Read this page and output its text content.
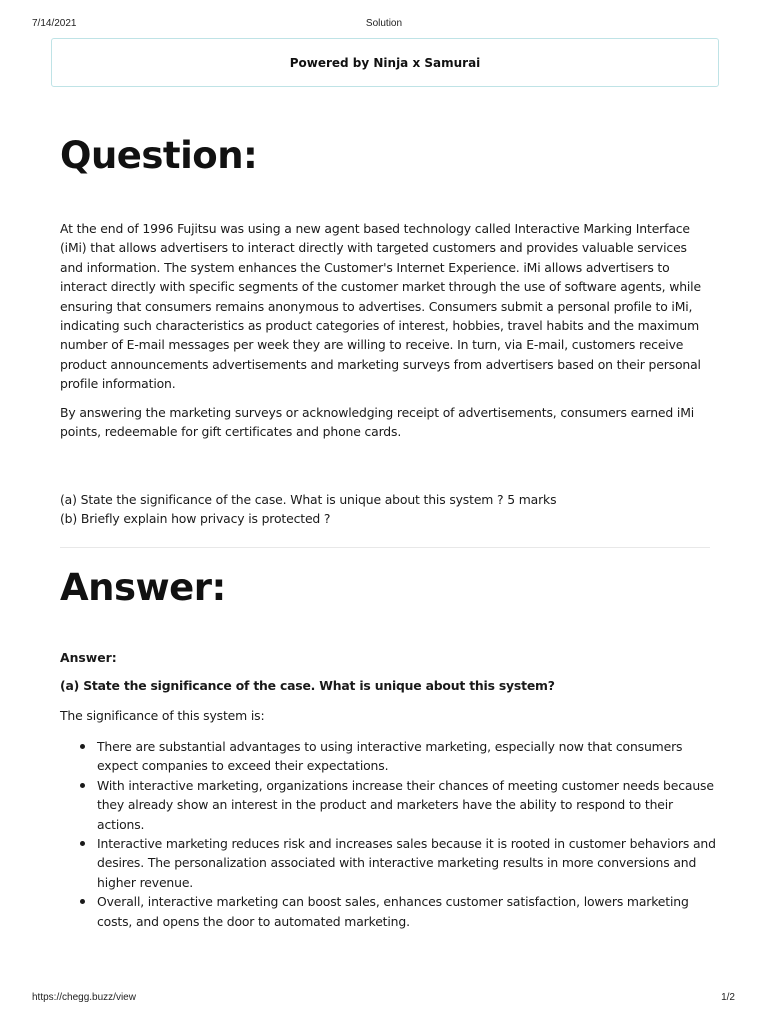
7/14/2021	Solution
Powered by Ninja x Samurai
Question:

At the end of 1996 Fujitsu was using a new agent based technology called Interactive Marking Interface (iMi) that allows advertisers to interact directly with targeted customers and provides valuable services and information. The system enhances the Customer's Internet Experience. iMi allows advertisers to interact directly with specific segments of the customer market through the use of software agents, while ensuring that consumers remains anonymous to advertises. Consumers submit a personal profile to iMi, indicating such characteristics as product categories of interest, hobbies, travel habits and the maximum number of E-mail messages per week they are willing to receive. In turn, via E-mail, customers receive product announcements advertisements and marketing surveys from advertisers based on their personal profile information.

By answering the marketing surveys or acknowledging receipt of advertisements, consumers earned iMi points, redeemable for gift certificates and phone cards.

(a) State the significance of the case. What is unique about this system ? 5 marks
(b) Briefly explain how privacy is protected ?
Answer:
Answer:
(a) State the significance of the case. What is unique about this system?
The significance of this system is:
There are substantial advantages to using interactive marketing, especially now that consumers expect companies to exceed their expectations.
With interactive marketing, organizations increase their chances of meeting customer needs because they already show an interest in the product and marketers have the ability to respond to their actions.
Interactive marketing reduces risk and increases sales because it is rooted in customer behaviors and desires. The personalization associated with interactive marketing results in more conversions and higher revenue.
Overall, interactive marketing can boost sales, enhances customer satisfaction, lowers marketing costs, and opens the door to automated marketing.
https://chegg.buzz/view	1/2
